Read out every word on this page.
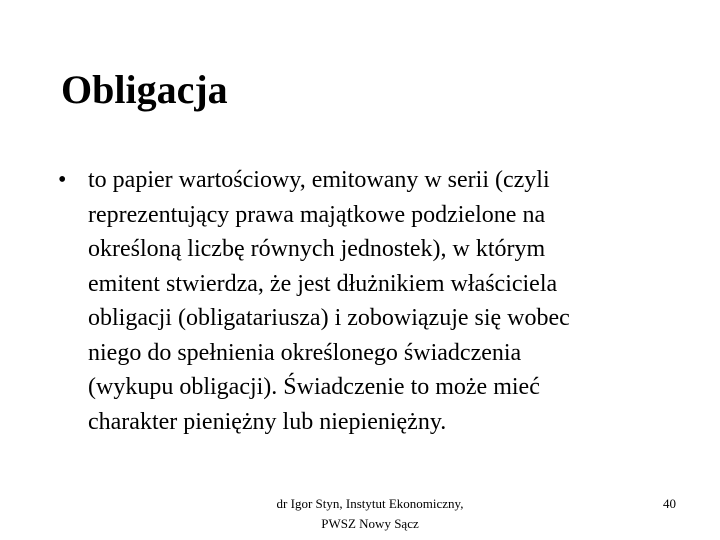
Obligacja
• to papier wartościowy, emitowany w serii (czyli
reprezentujący prawa majątkowe podzielone na
określoną liczbę równych jednostek), w którym
emitent stwierdza, że jest dłużnikiem właściciela
obligacji (obligatariusza) i zobowiązuje się wobec
niego do spełnienia określonego świadczenia
(wykupu obligacji). Świadczenie to może mieć
charakter pieniężny lub niepieniężny.
dr Igor Styn, Instytut Ekonomiczny,
PWSZ Nowy Sącz
40
